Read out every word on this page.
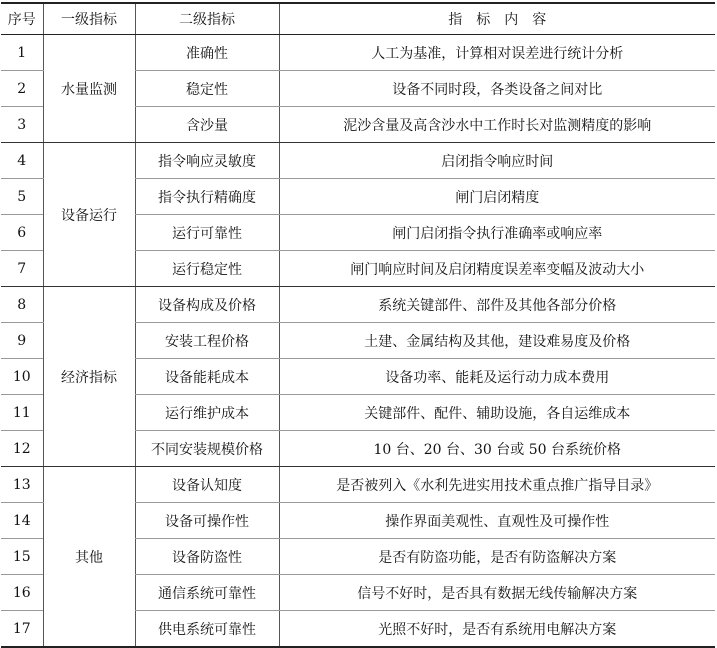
序号	一级指标	二级指标	指　标　内　容
1	水量监测	准确性	人工为基准，计算相对误差进行统计分析
2		稳定性	设备不同时段，各类设备之间对比
3		含沙量	泥沙含量及高含沙水中工作时长对监测精度的影响
4	设备运行	指令响应灵敏度	启闭指令响应时间
5		指令执行精确度	闸门启闭精度
6		运行可靠性	闸门启闭指令执行准确率或响应率
7		运行稳定性	闸门响应时间及启闭精度误差率变幅及波动大小
8	经济指标	设备构成及价格	系统关键部件、部件及其他各部分价格
9		安装工程价格	土建、金属结构及其他，建设难易度及价格
10		设备能耗成本	设备功率、能耗及运行动力成本费用
11		运行维护成本	关键部件、配件、辅助设施，各自运维成本
12		不同安装规模价格	10 台、20 台、30 台或 50 台系统价格
13	其他	设备认知度	是否被列入《水利先进实用技术重点推广指导目录》
14		设备可操作性	操作界面美观性、直观性及可操作性
15		设备防盗性	是否有防盗功能，是否有防盗解决方案
16		通信系统可靠性	信号不好时，是否具有数据无线传输解决方案
17		供电系统可靠性	光照不好时，是否有系统用电解决方案
